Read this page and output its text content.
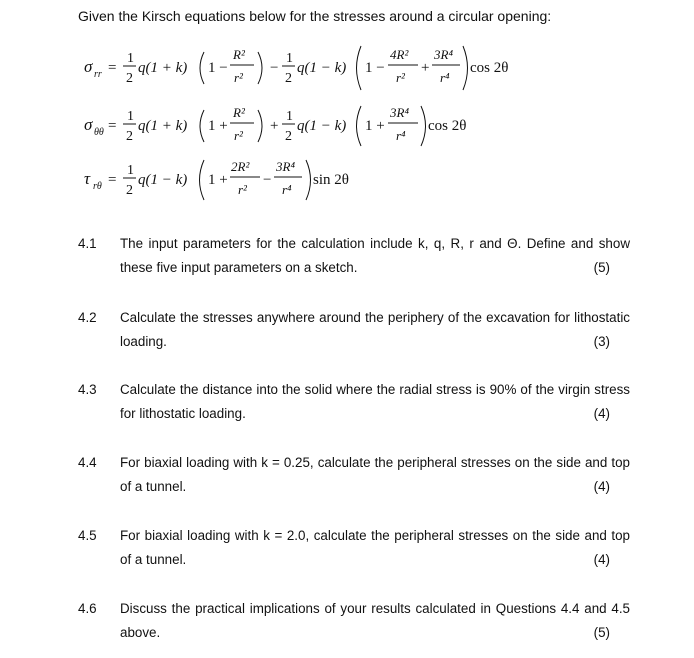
Given the Kirsch equations below for the stresses around a circular opening:
σ rr =
1
2
q(1 + k) 1 −
R²
r²
−
1
2
q(1 − k) 1 −
4R²
r²
+
3R⁴
r⁴
cos 2θ
σ θθ =
1
2
q(1 + k) 1 +
R²
r²
+
1
2
q(1 − k) 1 +
3R⁴
r⁴
cos 2θ
τ rθ =
1
2
q(1 − k) 1 +
2R²
r²
−
3R⁴
r⁴
sin 2θ
4.1 The input parameters for the calculation include k, q, R, r and Θ. Define and show these five input parameters on a sketch.	(5)
4.2 Calculate the stresses anywhere around the periphery of the excavation for lithostatic loading.	(3)
4.3 Calculate the distance into the solid where the radial stress is 90% of the virgin stress for lithostatic loading.	(4)
4.4 For biaxial loading with k = 0.25, calculate the peripheral stresses on the side and top of a tunnel.	(4)
4.5 For biaxial loading with k = 2.0, calculate the peripheral stresses on the side and top of a tunnel.	(4)
4.6 Discuss the practical implications of your results calculated in Questions 4.4 and 4.5 above.	(5)
